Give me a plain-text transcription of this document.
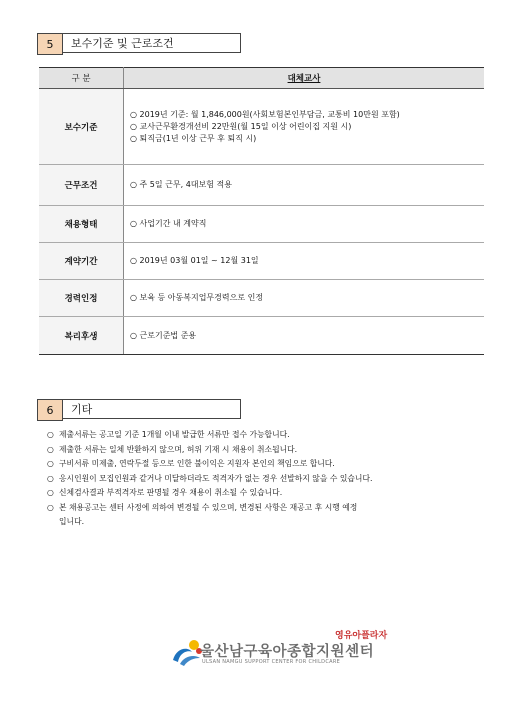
5	보수기준 및 근로조건
구 분	대체교사
보수기준	○ 2019년 기준: 월 1,846,000원(사회보험본인부담금, 교통비 10만원 포함)
○ 교사근무환경개선비 22만원(월 15일 이상 어린이집 지원 시)
○ 퇴직금(1년 이상 근무 후 퇴직 시)

근무조건	○ 주 5일 근무, 4대보험 적용

채용형태	○ 사업기간 내 계약직

계약기간	○ 2019년 03월 01일 ~ 12월 31일

경력인정	○ 보육 등 아동복지업무경력으로 인정

복리후생	○ 근로기준법 준용
6	기타
○ 제출서류는 공고일 기준 1개월 이내 발급한 서류만 접수 가능합니다.
○ 제출한 서류는 일체 반환하지 않으며, 허위 기재 시 채용이 취소됩니다.
○ 구비서류 미제출, 연락두절 등으로 인한 불이익은 지원자 본인의 책임으로 합니다.
○ 응시인원이 모집인원과 같거나 미달하더라도 적격자가 없는 경우 선발하지 않을 수 있습니다.
○ 신체검사결과 부적격자로 판명될 경우 채용이 취소될 수 있습니다.
○ 본 채용공고는 센터 사정에 의하여 변경될 수 있으며, 변경된 사항은 재공고 후 시행 예정
입니다.
영유아플라자
울산남구육아종합지원센터
ULSAN NAMGU SUPPORT CENTER FOR CHILDCARE
